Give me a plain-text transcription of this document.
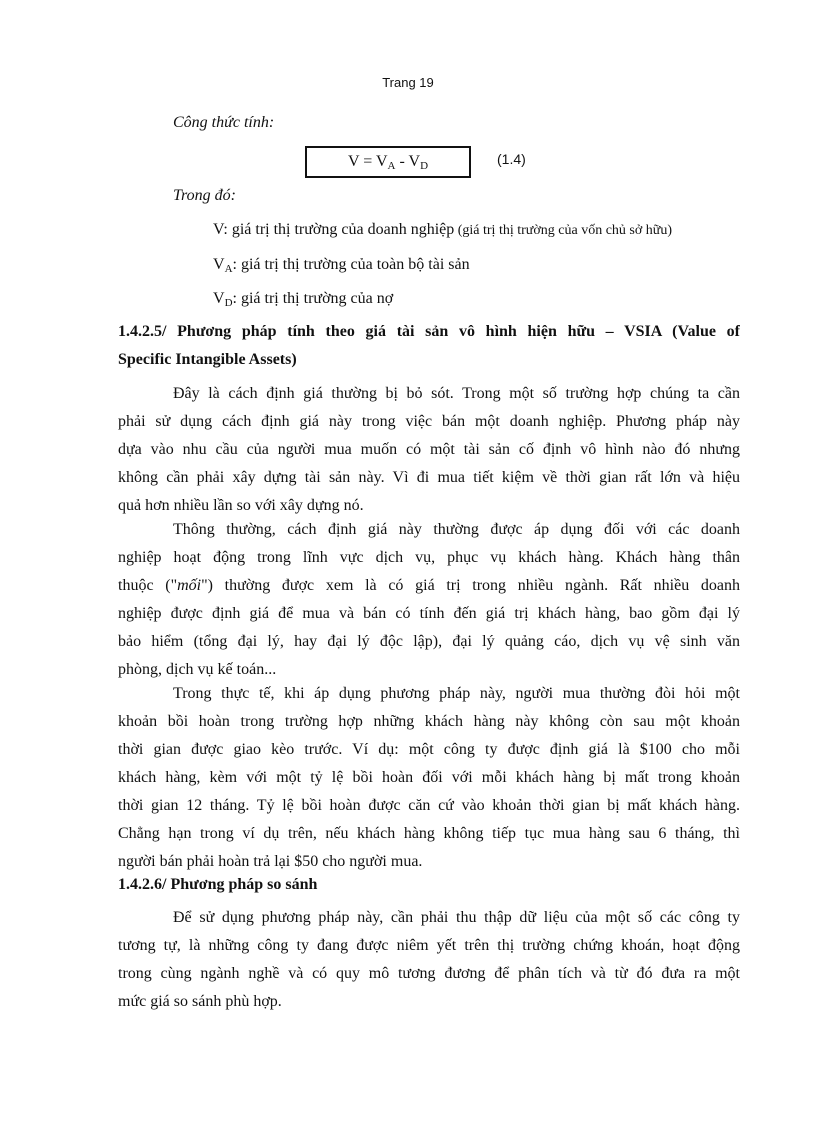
Trang 19
Công thức tính:
$V = V_A - V_D$	(1.4)
Trong đó:
V: giá trị thị trường của doanh nghiệp (giá trị thị trường của vốn chủ sở hữu)
$V_A$: giá trị thị trường của toàn bộ tài sản
$V_D$: giá trị thị trường của nợ
1.4.2.5/ Phương pháp tính theo giá tài sản vô hình hiện hữu – VSIA (Value of
Specific Intangible Assets)
Đây là cách định giá thường bị bỏ sót. Trong một số trường hợp chúng ta cần
phải sử dụng cách định giá này trong việc bán một doanh nghiệp. Phương pháp này
dựa vào nhu cầu của người mua muốn có một tài sản cố định vô hình nào đó nhưng
không cần phải xây dựng tài sản này. Vì đi mua tiết kiệm về thời gian rất lớn và hiệu
quả hơn nhiều lần so với xây dựng nó.
Thông thường, cách định giá này thường được áp dụng đối với các doanh
nghiệp hoạt động trong lĩnh vực dịch vụ, phục vụ khách hàng. Khách hàng thân
thuộc ("mối") thường được xem là có giá trị trong nhiều ngành. Rất nhiều doanh
nghiệp được định giá để mua và bán có tính đến giá trị khách hàng, bao gồm đại lý
bảo hiểm (tổng đại lý, hay đại lý độc lập), đại lý quảng cáo, dịch vụ vệ sinh văn
phòng, dịch vụ kế toán...
Trong thực tế, khi áp dụng phương pháp này, người mua thường đòi hỏi một
khoản bồi hoàn trong trường hợp những khách hàng này không còn sau một khoản
thời gian được giao kèo trước. Ví dụ: một công ty được định giá là $100 cho mỗi
khách hàng, kèm với một tỷ lệ bồi hoàn đối với mỗi khách hàng bị mất trong khoản
thời gian 12 tháng. Tỷ lệ bồi hoàn được căn cứ vào khoản thời gian bị mất khách hàng.
Chẳng hạn trong ví dụ trên, nếu khách hàng không tiếp tục mua hàng sau 6 tháng, thì
người bán phải hoàn trả lại $50 cho người mua.
1.4.2.6/ Phương pháp so sánh
Để sử dụng phương pháp này, cần phải thu thập dữ liệu của một số các công ty
tương tự, là những công ty đang được niêm yết trên thị trường chứng khoán, hoạt động
trong cùng ngành nghề và có quy mô tương đương để phân tích và từ đó đưa ra một
mức giá so sánh phù hợp.
